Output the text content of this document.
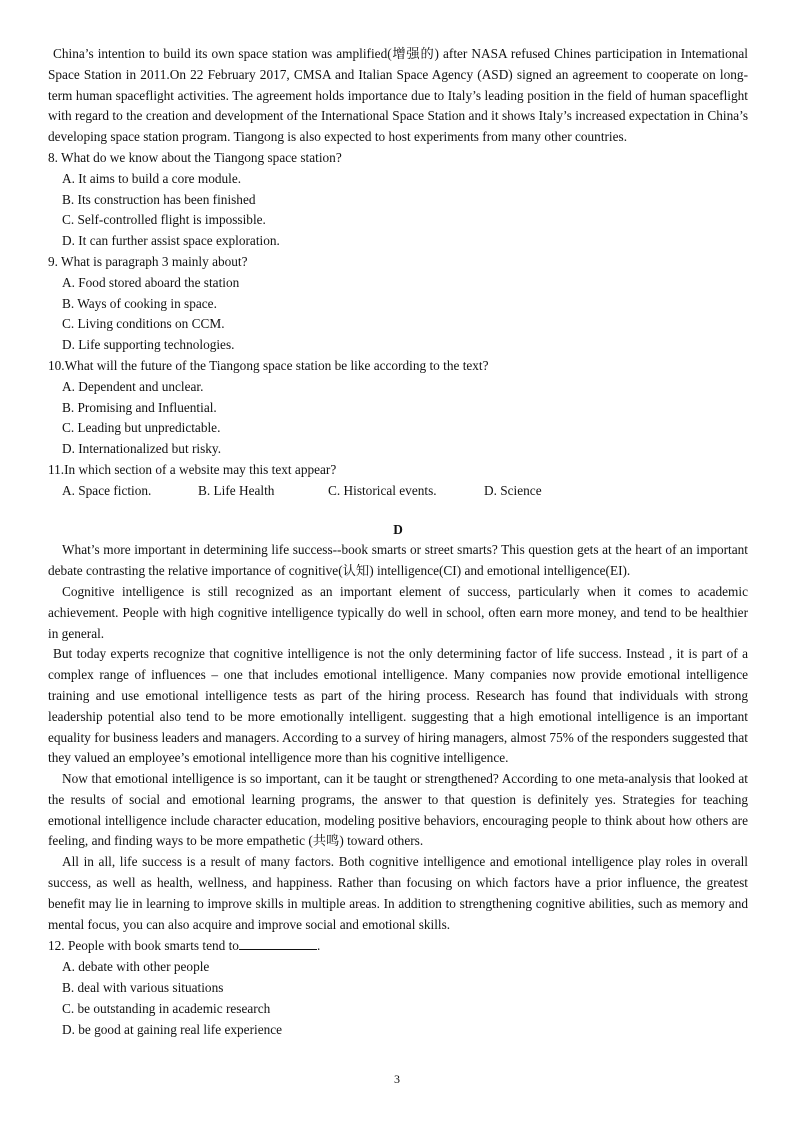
China’s intention to build its own space station was amplified(增强的) after NASA refused Chines participation in Intemational Space Station in 2011.On 22 February 2017, CMSA and Italian Space Agency (ASD) signed an agreement to cooperate on long-term human spaceflight activities. The agreement holds importance due to Italy’s leading position in the field of human spaceflight with regard to the creation and development of the International Space Station and it shows Italy’s increased expectation in China’s developing space station program. Tiangong is also expected to host experiments from many other countries.

8. What do we know about the Tiangong space station?

A. It aims to build a core module.

B. Its construction has been finished

C. Self-controlled flight is impossible.

D. It can further assist space exploration.

9. What is paragraph 3 mainly about?

A. Food stored aboard the station

B. Ways of cooking in space.

C. Living conditions on CCM.

D. Life supporting technologies.

10.What will the future of the Tiangong space station be like according to the text?

A. Dependent and unclear.

B. Promising and Influential.

C. Leading but unpredictable.

D. Internationalized but risky.

11.In which section of a website may this text appear?

A. Space fiction.	B. Life Health	C. Historical events.	D. Science

D

What’s more important in determining life success--book smarts or street smarts? This question gets at the heart of an important debate contrasting the relative importance of cognitive(认知) intelligence(CI) and emotional intelligence(EI).

Cognitive intelligence is still recognized as an important element of success, particularly when it comes to academic achievement. People with high cognitive intelligence typically do well in school, often earn more money, and tend to be healthier in general.

But today experts recognize that cognitive intelligence is not the only determining factor of life success. Instead , it is part of a complex range of influences – one that includes emotional intelligence. Many companies now provide emotional intelligence training and use emotional intelligence tests as part of the hiring process. Research has found that individuals with strong leadership potential also tend to be more emotionally intelligent. suggesting that a high emotional intelligence is an important equality for business leaders and managers. According to a survey of hiring managers, almost 75% of the responders suggested that they valued an employee’s emotional intelligence more than his cognitive intelligence.

Now that emotional intelligence is so important, can it be taught or strengthened? According to one meta-analysis that looked at the results of social and emotional learning programs, the answer to that question is definitely yes. Strategies for teaching emotional intelligence include character education, modeling positive behaviors, encouraging people to think about how others are feeling, and finding ways to be more empathetic (共鸣) toward others.

All in all, life success is a result of many factors. Both cognitive intelligence and emotional intelligence play roles in overall success, as well as health, wellness, and happiness. Rather than focusing on which factors have a prior influence, the greatest benefit may lie in learning to improve skills in multiple areas. In addition to strengthening cognitive abilities, such as memory and mental focus, you can also acquire and improve social and emotional skills.

12. People with book smarts tend to	.

A. debate with other people

B. deal with various situations

C. be outstanding in academic research

D. be good at gaining real life experience

3
